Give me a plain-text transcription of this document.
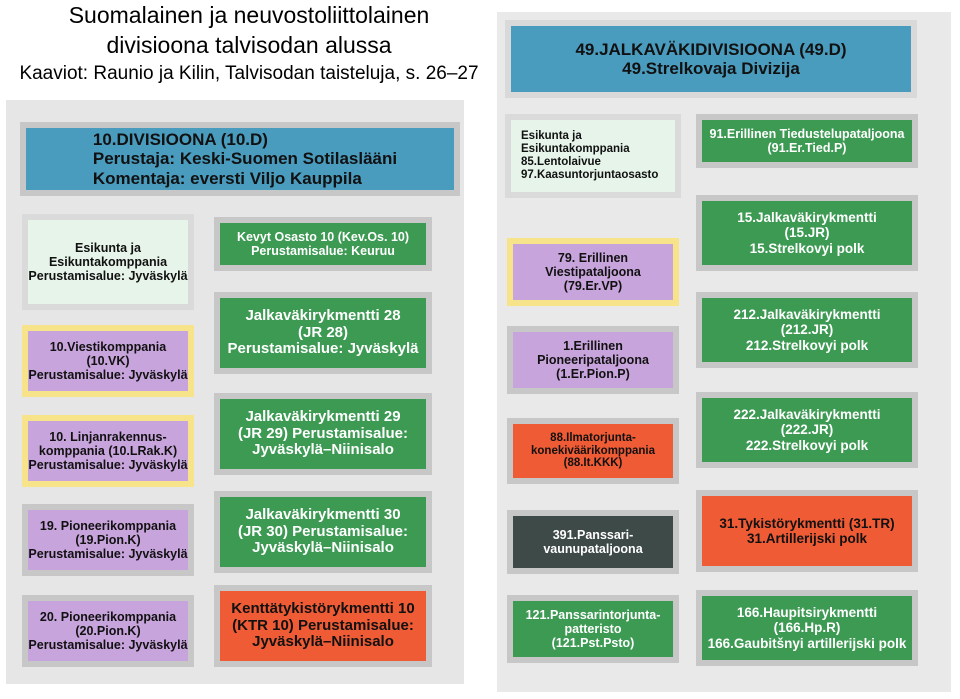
Suomalainen ja neuvostoliittolainen
divisioona talvisodan alussa
Kaaviot: Raunio ja Kilin, Talvisodan taisteluja, s. 26–27
10.DIVISIOONA (10.D)
Perustaja: Keski-Suomen Sotilaslääni
Komentaja: eversti Viljo Kauppila
Esikunta ja
Esikuntakomppania
Perustamisalue: Jyväskylä
10.Viestikomppania
(10.VK)
Perustamisalue: Jyväskylä
10. Linjanrakennus-
komppania (10.LRak.K)
Perustamisalue: Jyväskylä
19. Pioneerikomppania
(19.Pion.K)
Perustamisalue: Jyväskylä
20. Pioneerikomppania
(20.Pion.K)
Perustamisalue: Jyväskylä
Kevyt Osasto 10 (Kev.Os. 10)
Perustamisalue: Keuruu
Jalkaväkirykmentti 28
(JR 28)
Perustamisalue: Jyväskylä
Jalkaväkirykmentti 29
(JR 29) Perustamisalue:
Jyväskylä–Niinisalo
Jalkaväkirykmentti 30
(JR 30) Perustamisalue:
Jyväskylä–Niinisalo
Kenttätykistörykmentti 10
(KTR 10) Perustamisalue:
Jyväskylä–Niinisalo
49.JALKAVÄKIDIVISIOONA (49.D)
49.Strelkovaja Divizija
Esikunta ja
Esikuntakomppania
85.Lentolaivue
97.Kaasuntorjuntaosasto
79. Erillinen
Viestipataljoona
(79.Er.VP)
1.Erillinen
Pioneeripataljoona
(1.Er.Pion.P)
88.Ilmatorjunta-
konekiväärikomppania
(88.It.KKK)
391.Panssari-
vaunupataljoona
121.Panssarintorjunta-
patteristo
(121.Pst.Psto)
91.Erillinen Tiedustelupataljoona
(91.Er.Tied.P)
15.Jalkaväkirykmentti
(15.JR)
15.Strelkovyi polk
212.Jalkaväkirykmentti
(212.JR)
212.Strelkovyi polk
222.Jalkaväkirykmentti
(222.JR)
222.Strelkovyi polk
31.Tykistörykmentti (31.TR)
31.Artillerijski polk
166.Haupitsirykmentti
(166.Hp.R)
166.Gaubitšnyi artillerijski polk
